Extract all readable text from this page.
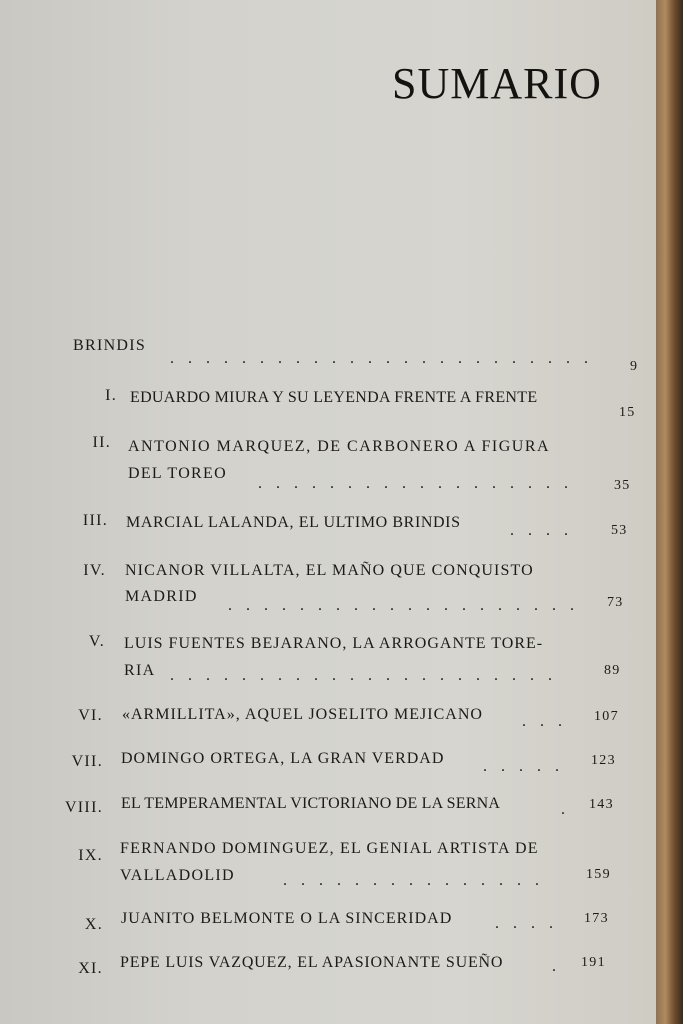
SUMARIO
BRINDIS
. . . . . . . . . . . . . . . . . . . . . . . .	9
I. EDUARDO MIURA Y SU LEYENDA FRENTE A FRENTE
15
II. ANTONIO MARQUEZ, DE CARBONERO A FIGURA
DEL TOREO
. . . . . . . . . . . . . . . . . .	35
III. MARCIAL LALANDA, EL ULTIMO BRINDIS	. . . .	53
IV. NICANOR VILLALTA, EL MAÑO QUE CONQUISTO
MADRID
. . . . . . . . . . . . . . . . . . . . 73
V. LUIS FUENTES BEJARANO, LA ARROGANTE TORE-
RIA . . . . . . . . . . . . . . . . . . . . . .	89
VI. «ARMILLITA», AQUEL JOSELITO MEJICANO . . . 107
VII. DOMINGO ORTEGA, LA GRAN VERDAD . . . . . 123
VIII. EL TEMPERAMENTAL VICTORIANO DE LA SERNA	. 143
IX. FERNANDO DOMINGUEZ, EL GENIAL ARTISTA DE
VALLADOLID	. . . . . . . . . . . . . . .	159
X. JUANITO BELMONTE O LA SINCERIDAD	. . . . 173
XI. PEPE LUIS VAZQUEZ, EL APASIONANTE SUEÑO	. 191
